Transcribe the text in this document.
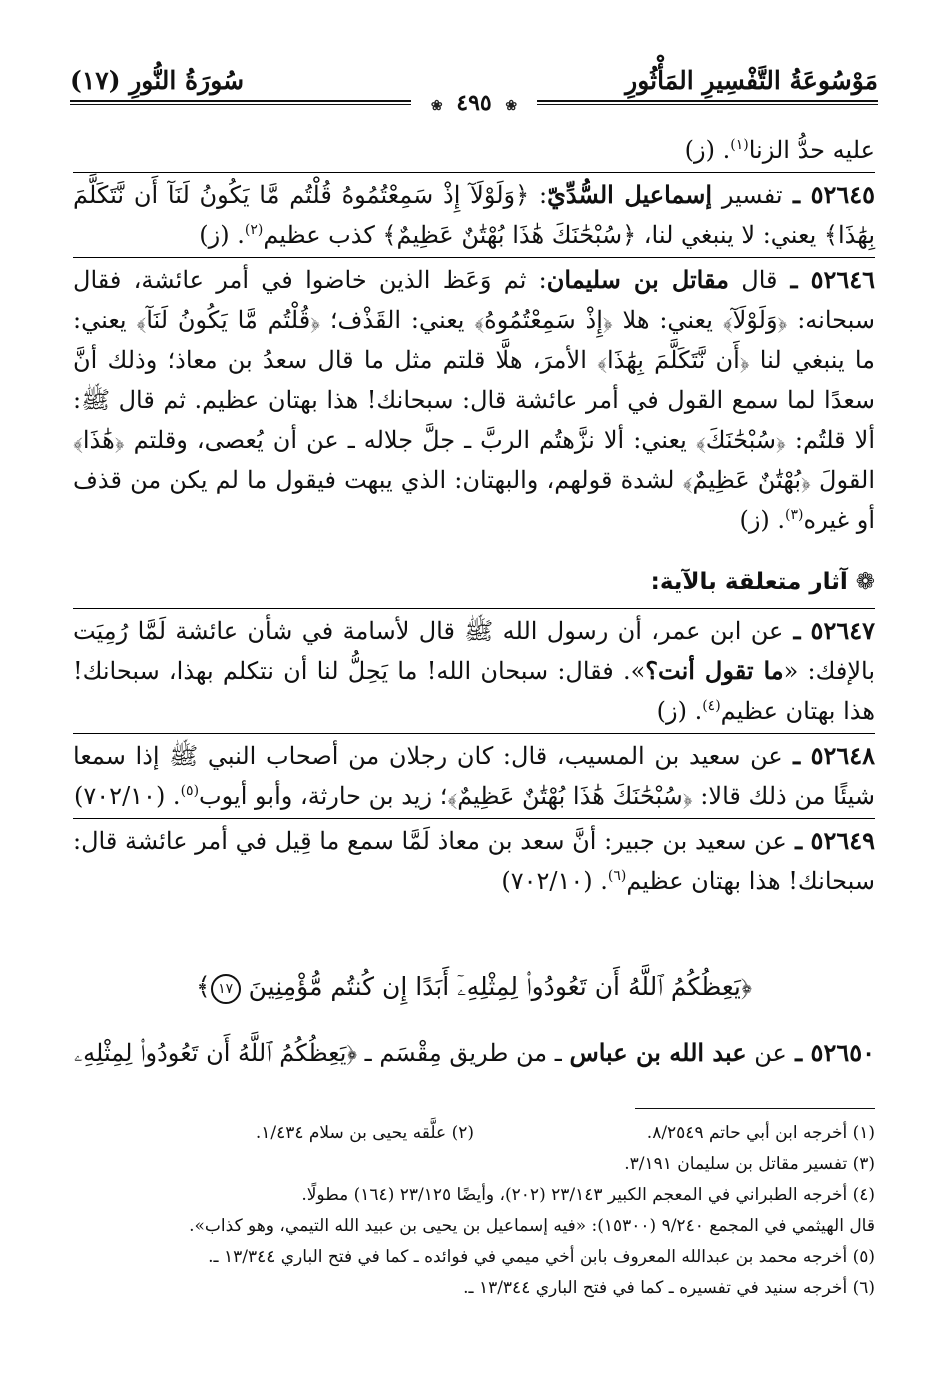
مَوْسُوعَةُ التَّفْسِيرِ المَأْثُورِ
سُورَةُ النُّورِ (١٧)
❀ ٤٩٥ ❀

عليه حدُّ الزنا$^{(١)}$. (ز)

٥٢٦٤٥ ـ تفسير إسماعيل السُّدِّيّ: ﴿وَلَوْلَآ إِذْ سَمِعْتُمُوهُ قُلْتُم مَّا يَكُونُ لَنَآ أَن نَّتَكَلَّمَ بِهَٰذَا﴾ يعني: لا ينبغي لنا، ﴿سُبْحَٰنَكَ هَٰذَا بُهْتَٰنٌ عَظِيمٌ﴾ كذب عظيم$^{(٢)}$. (ز)

٥٢٦٤٦ ـ قال مقاتل بن سليمان: ثم وَعَظ الذين خاضوا في أمر عائشة، فقال سبحانه: ﴿وَلَوْلَآ﴾ يعني: هلا ﴿إِذْ سَمِعْتُمُوهُ﴾ يعني: القَذْف؛ ﴿قُلْتُم مَّا يَكُونُ لَنَآ﴾ يعني: ما ينبغي لنا ﴿أَن نَّتَكَلَّمَ بِهَٰذَا﴾ الأمرَ، هلَّا قلتم مثل ما قال سعدُ بن معاذ؛ وذلك أنَّ سعدًا لما سمع القول في أمر عائشة قال: سبحانك! هذا بهتان عظيم. ثم قال ﷺ: ألا قلتُم: ﴿سُبْحَٰنَكَ﴾ يعني: ألا نزَّهتُم الربَّ ـ جلَّ جلاله ـ عن أن يُعصى، وقلتم ﴿هَٰذَا﴾ القولَ ﴿بُهْتَٰنٌ عَظِيمٌ﴾ لشدة قولهم، والبهتان: الذي يبهت فيقول ما لم يكن من قذف أو غيره$^{(٣)}$. (ز)

❁ آثار متعلقة بالآية:

٥٢٦٤٧ ـ عن ابن عمر، أن رسول الله ﷺ قال لأسامة في شأن عائشة لَمَّا رُمِيَت بالإفك: «ما تقول أنت؟». فقال: سبحان الله! ما يَحِلُّ لنا أن نتكلم بهذا، سبحانك! هذا بهتان عظيم$^{(٤)}$. (ز)

٥٢٦٤٨ ـ عن سعيد بن المسيب، قال: كان رجلان من أصحاب النبي ﷺ إذا سمعا شيئًا من ذلك قالا: ﴿سُبْحَٰنَكَ هَٰذَا بُهْتَٰنٌ عَظِيمٌ﴾؛ زيد بن حارثة، وأبو أيوب$^{(٥)}$. (٧٠٢/١٠)

٥٢٦٤٩ ـ عن سعيد بن جبير: أنَّ سعد بن معاذ لَمَّا سمع ما قِيل في أمر عائشة قال: سبحانك! هذا بهتان عظيم$^{(٦)}$. (٧٠٢/١٠)

﴿يَعِظُكُمُ ٱللَّهُ أَن تَعُودُوا۟ لِمِثْلِهِۦٓ أَبَدًا إِن كُنتُم مُّؤْمِنِينَ ١٧﴾

٥٢٦٥٠ ـ عن عبد الله بن عباس ـ من طريق مِقْسَم ـ ﴿يَعِظُكُمُ ٱللَّهُ أَن تَعُودُوا۟ لِمِثْلِهِۦ

(١) أخرجه ابن أبي حاتم ٨/٢٥٤٩.
(٢) علَّقه يحيى بن سلام ١/٤٣٤.

(٣) تفسير مقاتل بن سليمان ٣/١٩١.

(٤) أخرجه الطبراني في المعجم الكبير ٢٣/١٤٣ (٢٠٢)، وأيضًا ٢٣/١٢٥ (١٦٤) مطولًا.

قال الهيثمي في المجمع ٩/٢٤٠ (١٥٣٠٠): «فيه إسماعيل بن يحيى بن عبيد الله التيمي، وهو كذاب».

(٥) أخرجه محمد بن عبدالله المعروف بابن أخي ميمي في فوائده ـ كما في فتح الباري ١٣/٣٤٤ ـ.

(٦) أخرجه سنيد في تفسيره ـ كما في فتح الباري ١٣/٣٤٤ ـ.
